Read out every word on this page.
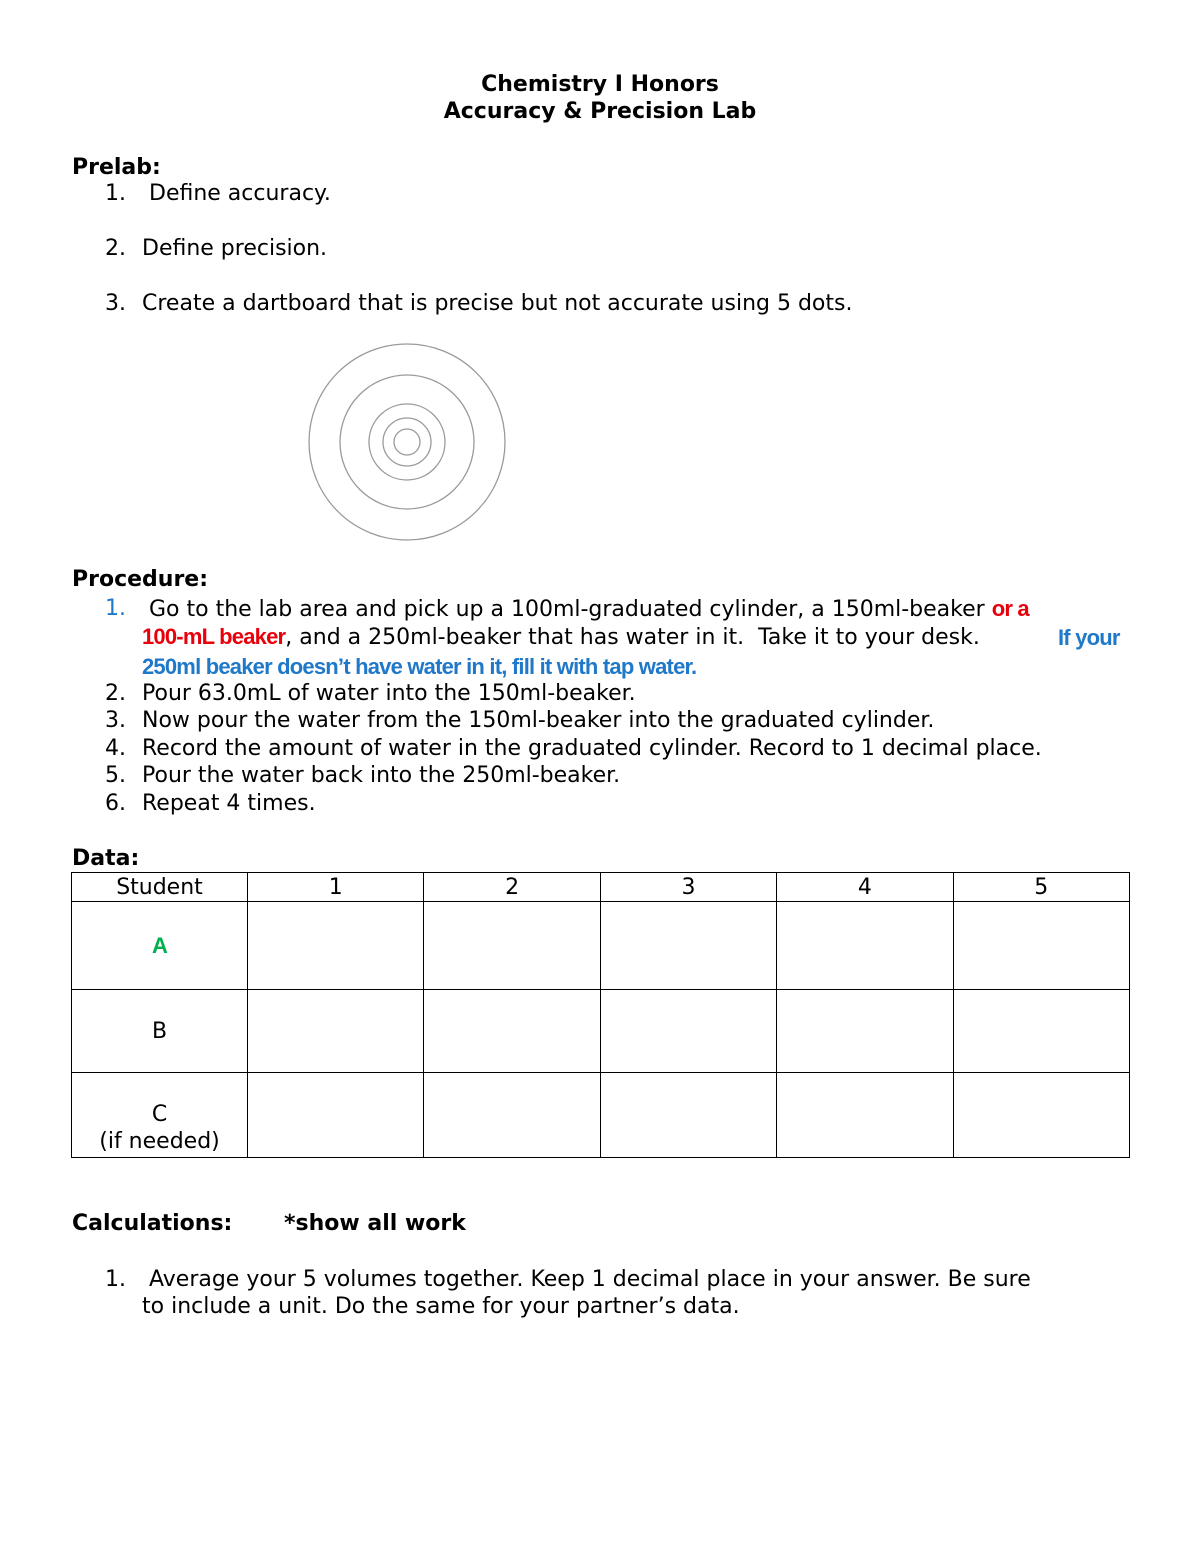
Chemistry I Honors
Accuracy & Precision Lab
Prelab:
1. Define accuracy.
2. Define precision.
3. Create a dartboard that is precise but not accurate using 5 dots.
Procedure:
1. Go to the lab area and pick up a 100ml-graduated cylinder, a 150ml-beaker or a
100-mL beaker, and a 250ml-beaker that has water in it.  Take it to your desk.	If your
250ml beaker doesn’t have water in it, fill it with tap water.
2. Pour 63.0mL of water into the 150ml-beaker.
3. Now pour the water from the 150ml-beaker into the graduated cylinder.
4. Record the amount of water in the graduated cylinder. Record to 1 decimal place.
5. Pour the water back into the 250ml-beaker.
6. Repeat 4 times.
Data:
Student	1	2	3	4	5
A					
B					

C
(if needed)					

Calculations: *show all work
1. Average your 5 volumes together. Keep 1 decimal place in your answer. Be sure
to include a unit. Do the same for your partner’s data.
